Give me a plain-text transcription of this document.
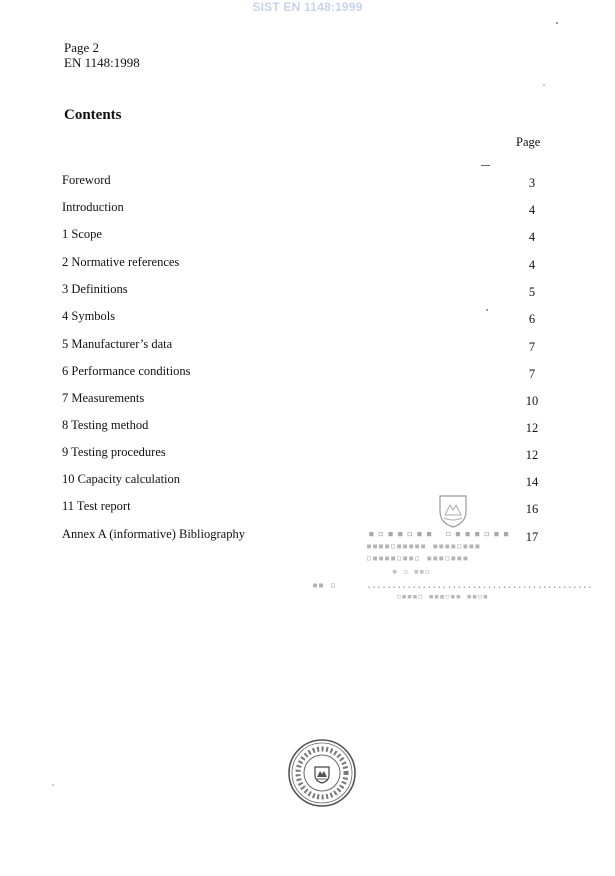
SIST EN 1148:1999
Page 2
EN 1148:1998
Contents
Page
Foreword	3
Introduction	4
1 Scope	4
2 Normative references	4
3 Definitions	5
4 Symbols	6
5 Manufacturer’s data	7
6 Performance conditions	7
7 Measurements	10
8 Testing method	12
9 Testing procedures	12
10 Capacity calculation	14
11 Test report	16
Annex A (informative) Bibliography	17
▪▫▪▪▫▪▪ ▫▪▪▪▫▪▪
▪▪▪▪▫▪▪▪▪▪ ▪▪▪▪▫▪▪▪
▫▪▪▪▪▫▪▪▫ ▪▪▪▫▪▪▪
▪ ▫ ▪▪▫
▪▪ ▫	.............................................
▫▪▪▪▫ ▪▪▪▫▪▪ ▪▪▫▪
